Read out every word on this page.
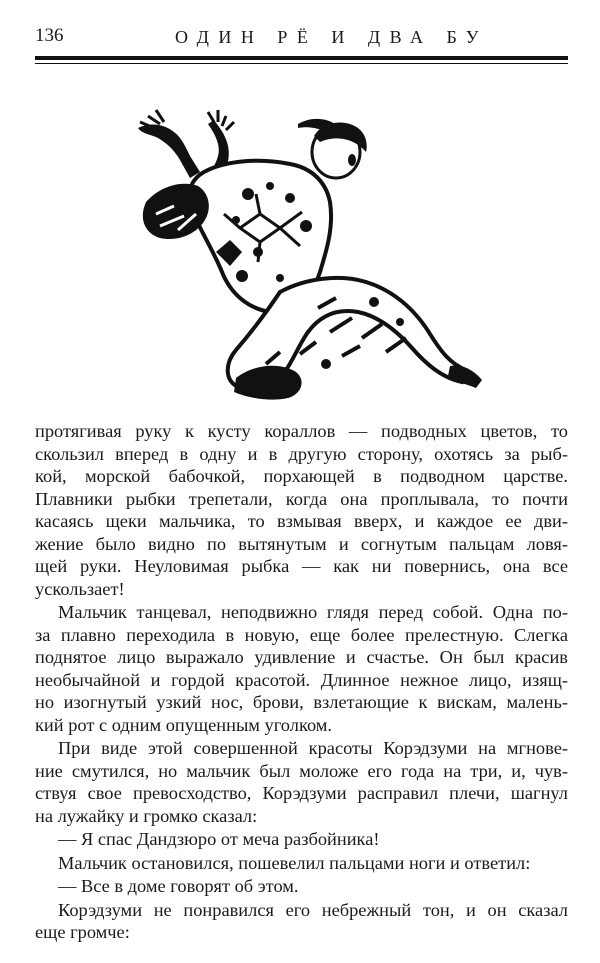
136	ОДИН РЁ И ДВА БУ
протягивая руку к кусту кораллов — подводных цветов, то
скользил вперед в одну и в другую сторону, охотясь за рыб-
кой, морской бабочкой, порхающей в подводном царстве.
Плавники рыбки трепетали, когда она проплывала, то почти
касаясь щеки мальчика, то взмывая вверх, и каждое ее дви-
жение было видно по вытянутым и согнутым пальцам ловя-
щей руки. Неуловимая рыбка — как ни повернись, она все
ускользает!
Мальчик танцевал, неподвижно глядя перед собой. Одна по-
за плавно переходила в новую, еще более прелестную. Слегка
поднятое лицо выражало удивление и счастье. Он был красив
необычайной и гордой красотой. Длинное нежное лицо, изящ-
но изогнутый узкий нос, брови, взлетающие к вискам, малень-
кий рот с одним опущенным уголком.
При виде этой совершенной красоты Корэдзуми на мгнове-
ние смутился, но мальчик был моложе его года на три, и, чув-
ствуя свое превосходство, Корэдзуми расправил плечи, шагнул
на лужайку и громко сказал:
— Я спас Дандзюро от меча разбойника!
Мальчик остановился, пошевелил пальцами ноги и ответил:
— Все в доме говорят об этом.
Корэдзуми не понравился его небрежный тон, и он сказал
еще громче:
